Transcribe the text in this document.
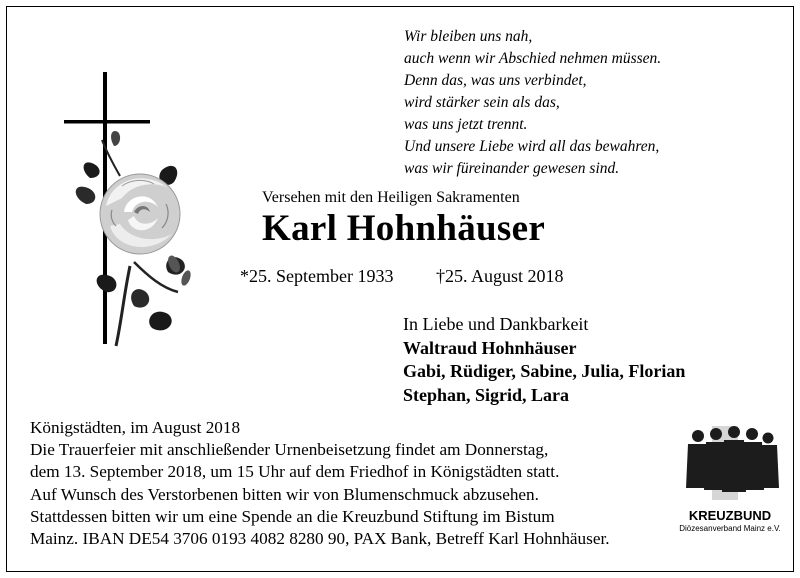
Wir bleiben uns nah,
auch wenn wir Abschied nehmen müssen.
Denn das, was uns verbindet,
wird stärker sein als das,
was uns jetzt trennt.
Und unsere Liebe wird all das bewahren,
was wir füreinander gewesen sind.
Versehen mit den Heiligen Sakramenten
Karl Hohnhäuser
*25. September 1933 †25. August 2018
In Liebe und Dankbarkeit
Waltraud Hohnhäuser
Gabi, Rüdiger, Sabine, Julia, Florian
Stephan, Sigrid, Lara
Königstädten, im August 2018
Die Trauerfeier mit anschließender Urnenbeisetzung findet am Donnerstag,
dem 13. September 2018, um 15 Uhr auf dem Friedhof in Königstädten statt.
Auf Wunsch des Verstorbenen bitten wir von Blumenschmuck abzusehen.
Stattdessen bitten wir um eine Spende an die Kreuzbund Stiftung im Bistum
Mainz. IBAN DE54 3706 0193 4082 8280 90, PAX Bank, Betreff Karl Hohnhäuser.
KREUZBUND
Diözesanverband Mainz e.V.
